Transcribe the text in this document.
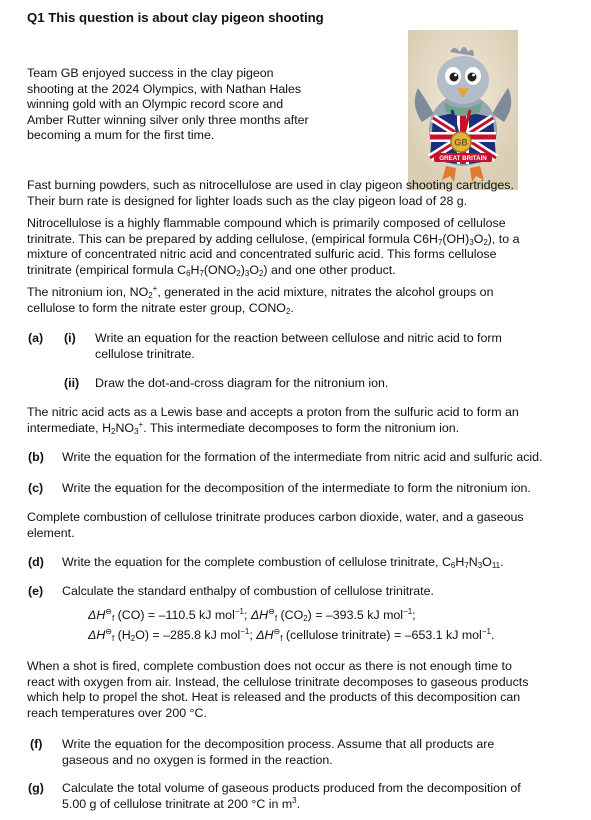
Q1 This question is about clay pigeon shooting
Team GB enjoyed success in the clay pigeon
shooting at the 2024 Olympics, with Nathan Hales
winning gold with an Olympic record score and
Amber Rutter winning silver only three months after
becoming a mum for the first time.
GB
GREAT BRITAIN
Fast burning powders, such as nitrocellulose are used in clay pigeon shooting cartridges.
Their burn rate is designed for lighter loads such as the clay pigeon load of 28 g.
Nitrocellulose is a highly flammable compound which is primarily composed of cellulose
trinitrate. This can be prepared by adding cellulose, (empirical formula $C6H_7(OH)_3O_2$), to a
mixture of concentrated nitric acid and concentrated sulfuric acid. This forms cellulose
trinitrate (empirical formula $C_6H_7(ONO_2)_3O_2$) and one other product.
The nitronium ion, $NO_2^+$, generated in the acid mixture, nitrates the alcohol groups on
cellulose to form the nitrate ester group, $CONO_2$.
(a) (i) Write an equation for the reaction between cellulose and nitric acid to form
cellulose trinitrate.
(ii) Draw the dot-and-cross diagram for the nitronium ion.
The nitric acid acts as a Lewis base and accepts a proton from the sulfuric acid to form an
intermediate, $H_2NO_3^+$. This intermediate decomposes to form the nitronium ion.
(b) Write the equation for the formation of the intermediate from nitric acid and sulfuric acid.
(c) Write the equation for the decomposition of the intermediate to form the nitronium ion.
Complete combustion of cellulose trinitrate produces carbon dioxide, water, and a gaseous
element.
(d) Write the equation for the complete combustion of cellulose trinitrate, $C_6H_7N_3O_{11}$.
(e) Calculate the standard enthalpy of combustion of cellulose trinitrate.
$\Delta H^⊖_f$ (CO) = –110.5 kJ mol$^{-1}$; $\Delta H^⊖_f$ $(CO_2) = -393.5$ kJ mol$^{-1}$;
$\Delta H^⊖_f$ $(H_2O) = -285.8$ kJ mol$^{-1}$; $\Delta H^⊖_f$ (cellulose trinitrate) = –653.1 kJ mol$^{-1}$.
When a shot is fired, complete combustion does not occur as there is not enough time to
react with oxygen from air. Instead, the cellulose trinitrate decomposes to gaseous products
which help to propel the shot. Heat is released and the products of this decomposition can
reach temperatures over 200 °C.
(f) Write the equation for the decomposition process. Assume that all products are
gaseous and no oxygen is formed in the reaction.
(g) Calculate the total volume of gaseous products produced from the decomposition of
5.00 g of cellulose trinitrate at 200 °C in $m^3$.
